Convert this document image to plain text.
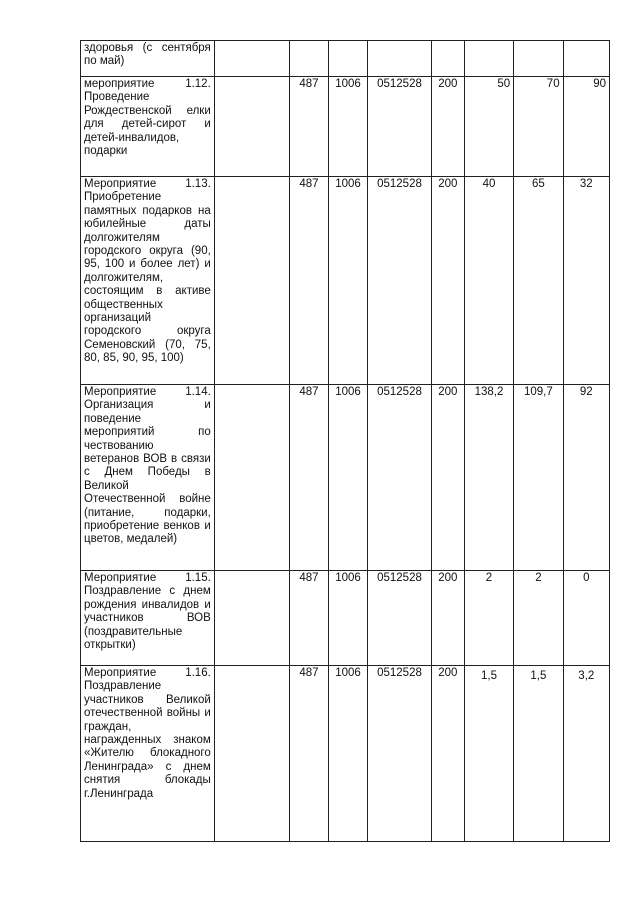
здоровья (с сентября по май)								
мероприятие 1.12. Проведение Рождественской елки для детей-сирот и детей-инвалидов, подарки		487	1006	0512528	200	50	70	90
Мероприятие 1.13. Приобретение памятных подарков на юбилейные даты долгожителям городского округа (90, 95, 100 и более лет) и долгожителям, состоящим в активе общественных организаций городского округа Семеновский (70, 75, 80, 85, 90, 95, 100)		487	1006	0512528	200	40	65	32
Мероприятие 1.14. Организация и поведение мероприятий по чествованию ветеранов ВОВ в связи с Днем Победы в Великой Отечественной войне (питание, подарки, приобретение венков и цветов, медалей)		487	1006	0512528	200	138,2	109,7	92
Мероприятие 1.15. Поздравление с днем рождения инвалидов и участников ВОВ (поздравительные открытки)		487	1006	0512528	200	2	2	0
Мероприятие 1.16. Поздравление участников Великой отечественной войны и граждан, награжденных знаком «Жителю блокадного Ленинграда» с днем снятия блокады г.Ленинграда		487	1006	0512528	200	1,5	1,5	3,2
